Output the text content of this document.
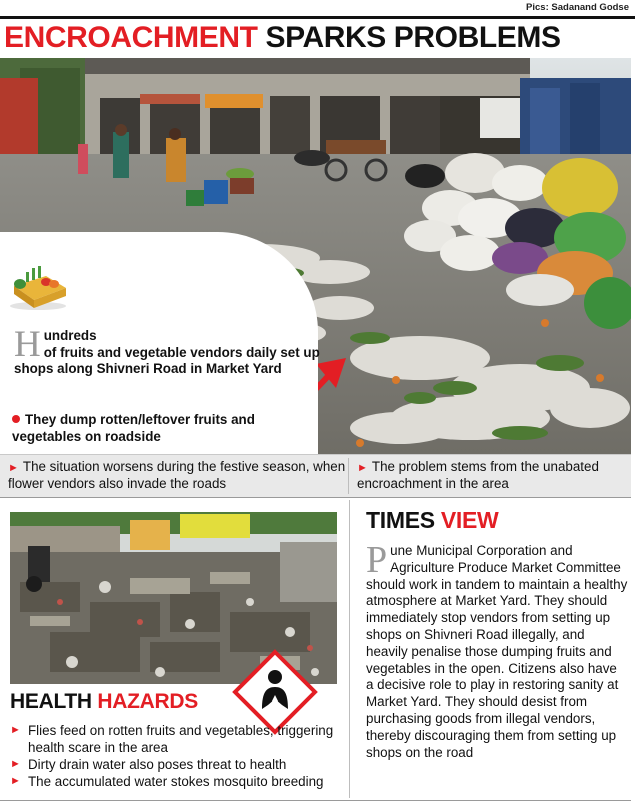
Pics: Sadanand Godse
ENCROACHMENT SPARKS PROBLEMS
Hundreds
of fruits and vegetable vendors daily set up shops along Shivneri Road in Market Yard
They dump rotten/leftover fruits and vegetables on roadside
► The situation worsens during the festive season, when flower vendors also invade the roads
► The problem stems from the unabated encroachment in the area
HEALTH HAZARDS
► Flies feed on rotten fruits and vegetables, triggering health scare in the area
► Dirty drain water also poses threat to health
► The accumulated water stokes mosquito breeding
TIMES VIEW
Pune Municipal Corporation and Agriculture Produce Market Committee should work in tandem to maintain a healthy atmosphere at Market Yard. They should immediately stop vendors from setting up shops on Shivneri Road illegally, and heavily penalise those dumping fruits and vegetables in the open. Citizens also have a decisive role to play in restoring sanity at Market Yard. They should desist from purchasing goods from illegal vendors, thereby discouraging them from setting up shops on the road
